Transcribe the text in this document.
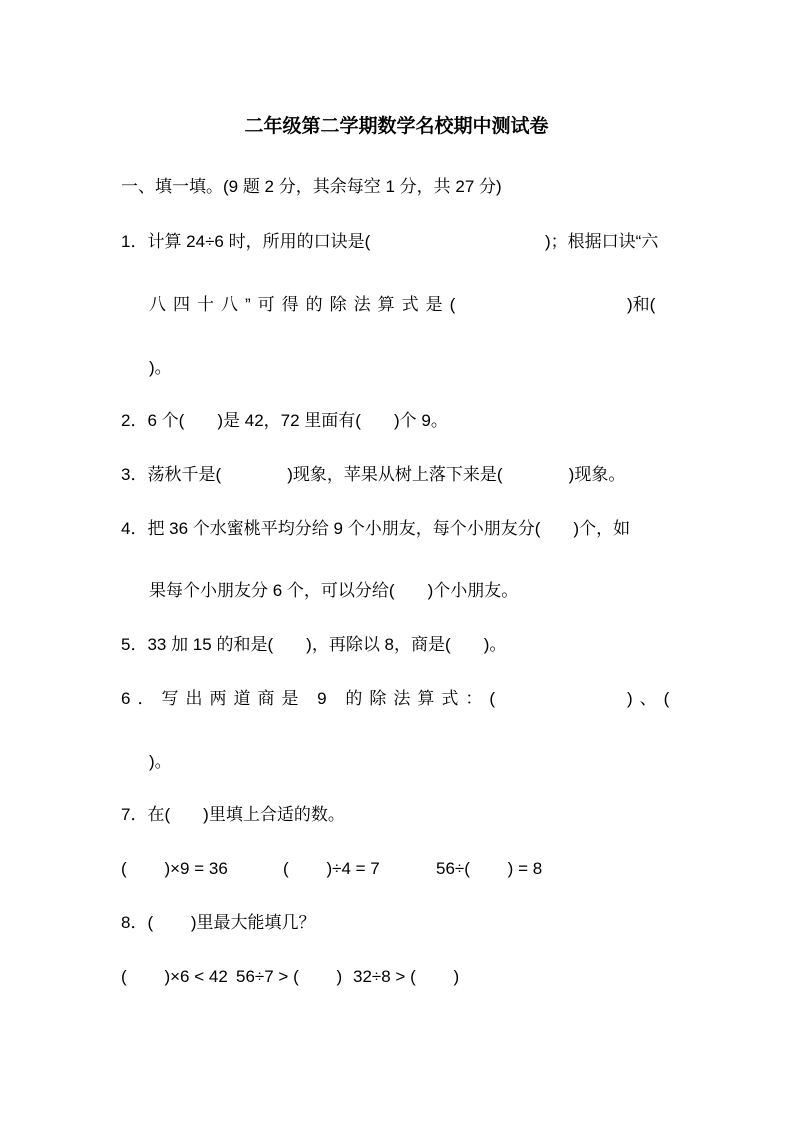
二年级第二学期数学名校期中测试卷
一、填一填。(9 题 2 分，其余每空 1 分，共 27 分)
1．计算 24÷6 时，所用的口诀是(	)；根据口诀“六
八四十八”可得的除法算式是(	)和(
)。
2．6 个(       )是 42，72 里面有(       )个 9。
3．荡秋千是(              )现象，苹果从树上落下来是(              )现象。
4．把 36 个水蜜桃平均分给 9 个小朋友，每个小朋友分(       )个，如
果每个小朋友分 6 个，可以分给(       )个小朋友。
5．33 加 15 的和是(       )，再除以 8，商是(       )。
6．写出两道商是 9 的除法算式：(	)、(
)。
7．在(       )里填上合适的数。
(        )×9 = 36	(        )÷4 = 7	56÷(        ) = 8
8．(        )里最大能填几？
(        )×6 < 42 56÷7 > (        ) 32÷8 > (        )
